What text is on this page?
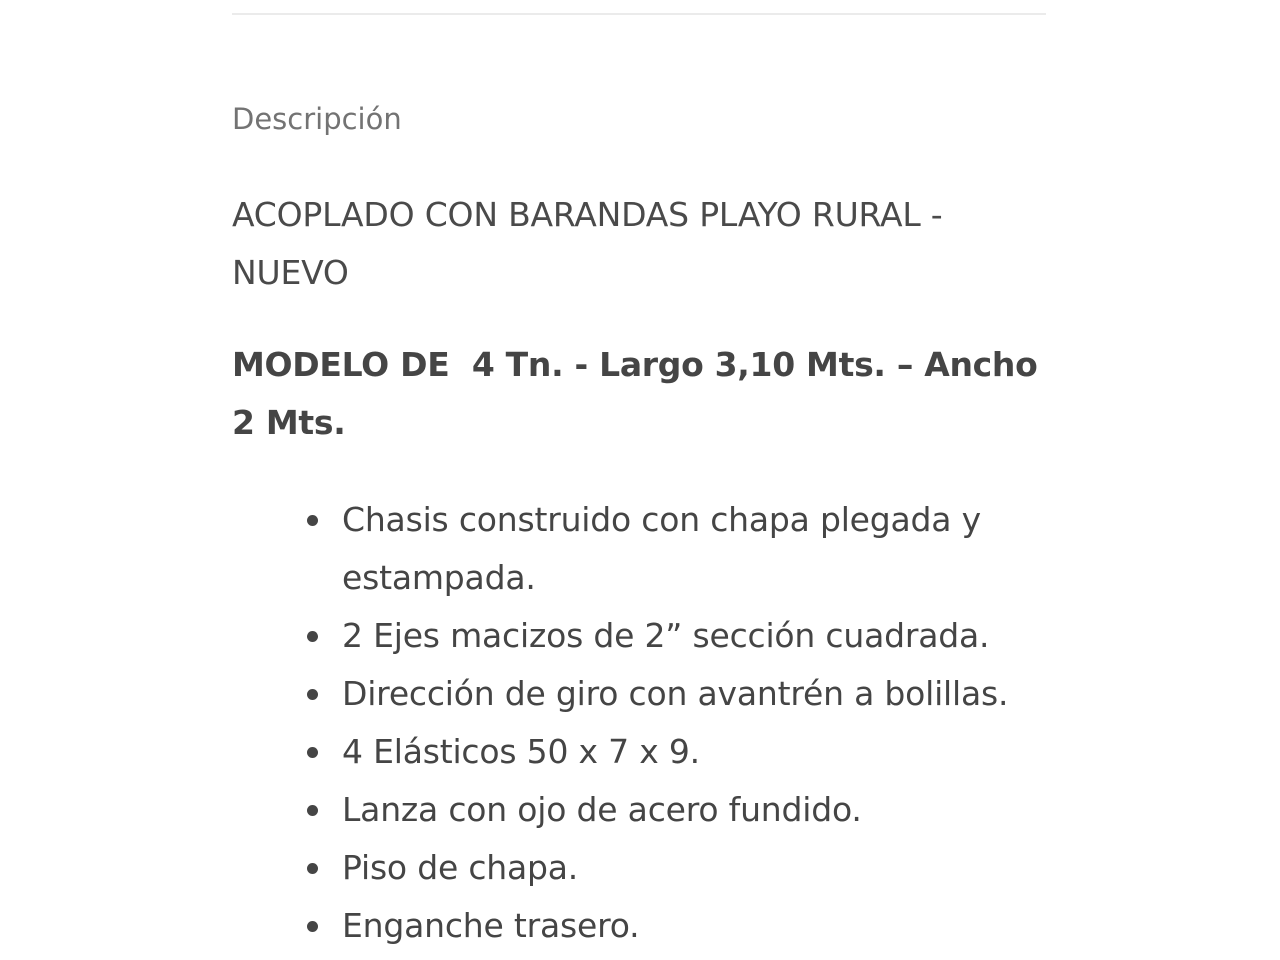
Descripción
ACOPLADO CON BARANDAS PLAYO RURAL - NUEVO
MODELO DE  4 Tn. - Largo 3,10 Mts. – Ancho 2 Mts.
Chasis construido con chapa plegada y estampada.
2 Ejes macizos de 2” sección cuadrada.
Dirección de giro con avantrén a bolillas.
4 Elásticos 50 x 7 x 9.
Lanza con ojo de acero fundido.
Piso de chapa.
Enganche trasero.
